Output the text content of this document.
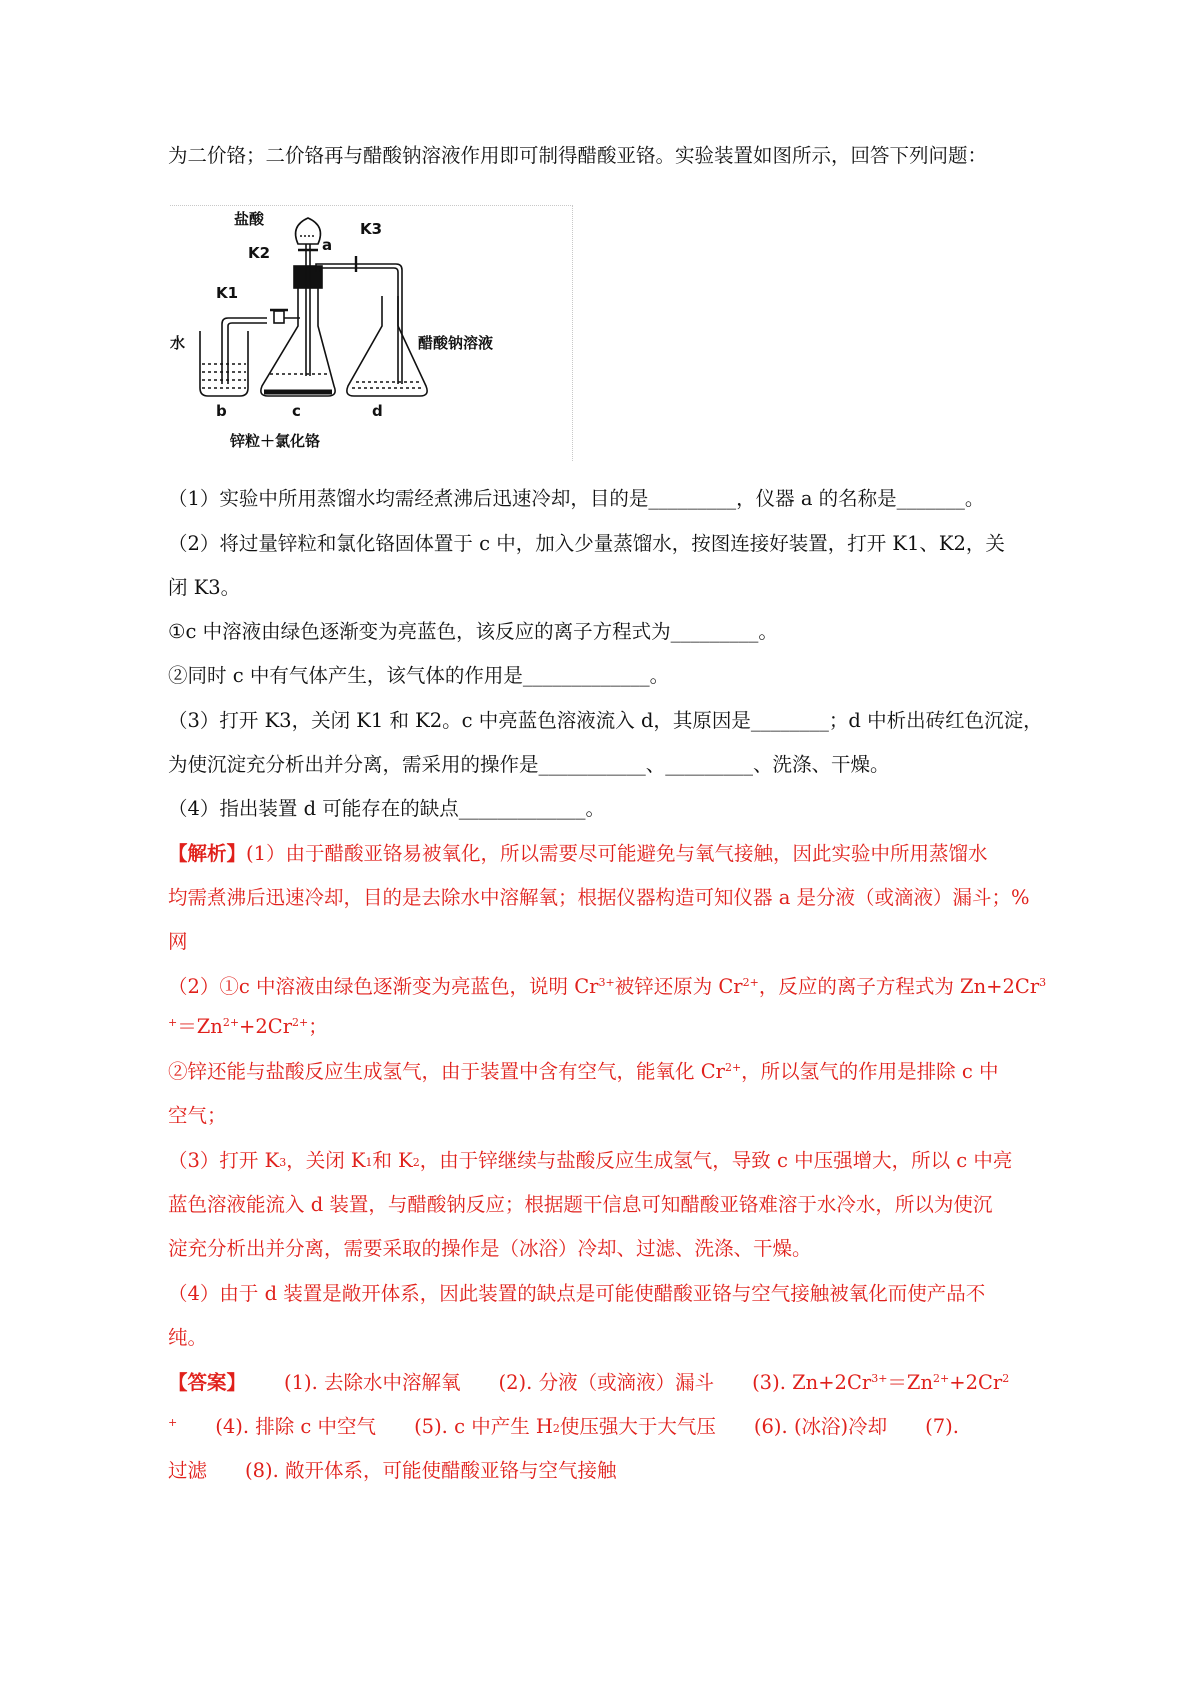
为二价铬；二价铬再与醋酸钠溶液作用即可制得醋酸亚铬。实验装置如图所示，回答下列问题：
盐酸
K3
a
K2
K1
水	醋酸钠溶液
b	c	d
锌粒＋氯化铬
（1）实验中所用蒸馏水均需经煮沸后迅速冷却，目的是_________，仪器 a 的名称是_______。
（2）将过量锌粒和氯化铬固体置于 c 中，加入少量蒸馏水，按图连接好装置，打开 K1、K2，关
闭 K3。
①c 中溶液由绿色逐渐变为亮蓝色，该反应的离子方程式为_________。
②同时 c 中有气体产生，该气体的作用是_____________。
（3）打开 K3，关闭 K1 和 K2。c 中亮蓝色溶液流入 d，其原因是________；d 中析出砖红色沉淀，
为使沉淀充分析出并分离，需采用的操作是___________、_________、洗涤、干燥。
（4）指出装置 d 可能存在的缺点_____________。
【解析】(1）由于醋酸亚铬易被氧化，所以需要尽可能避免与氧气接触，因此实验中所用蒸馏水
均需煮沸后迅速冷却，目的是去除水中溶解氧；根据仪器构造可知仪器 a 是分液（或滴液）漏斗；%
网
（2）①c 中溶液由绿色逐渐变为亮蓝色，说明 $Cr^{3+}$被锌还原为 $Cr^{2+}$，反应的离子方程式为 $Zn+2Cr^3$
$^+=Zn^{2+}+2Cr^{2+}$；
②锌还能与盐酸反应生成氢气，由于装置中含有空气，能氧化 $Cr^{2+}$，所以氢气的作用是排除 c 中
空气；
（3）打开 $K_3$，关闭 $K_1$和 $K_2$，由于锌继续与盐酸反应生成氢气，导致 c 中压强增大，所以 c 中亮
蓝色溶液能流入 d 装置，与醋酸钠反应；根据题干信息可知醋酸亚铬难溶于水冷水，所以为使沉
淀充分析出并分离，需要采取的操作是（冰浴）冷却、过滤、洗涤、干燥。
（4）由于 d 装置是敞开体系，因此装置的缺点是可能使醋酸亚铬与空气接触被氧化而使产品不
纯。
【答案】 (1). 去除水中溶解氧 (2). 分液（或滴液）漏斗 (3). $Zn+2Cr^{3+}=Zn^{2+}+2Cr^2$
+ (4). 排除 c 中空气 (5). c 中产生 $H_2$使压强大于大气压 (6). (冰浴)冷却 (7).
过滤 (8). 敞开体系，可能使醋酸亚铬与空气接触
